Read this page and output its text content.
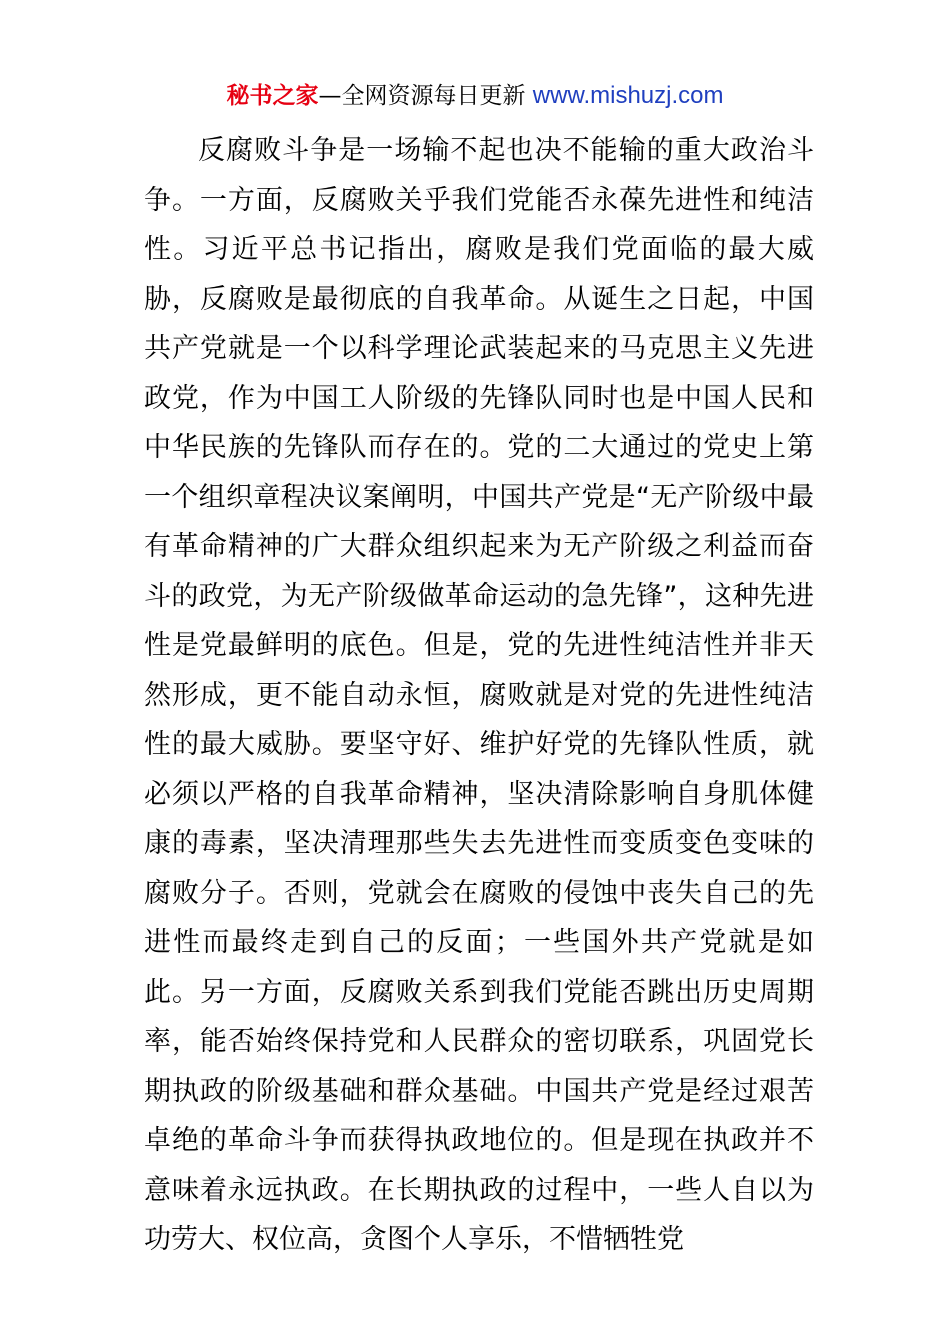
秘书之家—全网资源每日更新 www.mishuzj.com

反腐败斗争是一场输不起也决不能输的重大政治斗争。一方面，反腐败关乎我们党能否永葆先进性和纯洁性。习近平总书记指出，腐败是我们党面临的最大威胁，反腐败是最彻底的自我革命。从诞生之日起，中国共产党就是一个以科学理论武装起来的马克思主义先进政党，作为中国工人阶级的先锋队同时也是中国人民和中华民族的先锋队而存在的。党的二大通过的党史上第一个组织章程决议案阐明，中国共产党是“无产阶级中最有革命精神的广大群众组织起来为无产阶级之利益而奋斗的政党，为无产阶级做革命运动的急先锋”，这种先进性是党最鲜明的底色。但是，党的先进性纯洁性并非天然形成，更不能自动永恒，腐败就是对党的先进性纯洁性的最大威胁。要坚守好、维护好党的先锋队性质，就必须以严格的自我革命精神，坚决清除影响自身肌体健康的毒素，坚决清理那些失去先进性而变质变色变味的腐败分子。否则，党就会在腐败的侵蚀中丧失自己的先进性而最终走到自己的反面；一些国外共产党就是如此。另一方面，反腐败关系到我们党能否跳出历史周期率，能否始终保持党和人民群众的密切联系，巩固党长期执政的阶级基础和群众基础。中国共产党是经过艰苦卓绝的革命斗争而获得执政地位的。但是现在执政并不意味着永远执政。在长期执政的过程中，一些人自以为功劳大、权位高，贪图个人享乐，不惜牺牲党
